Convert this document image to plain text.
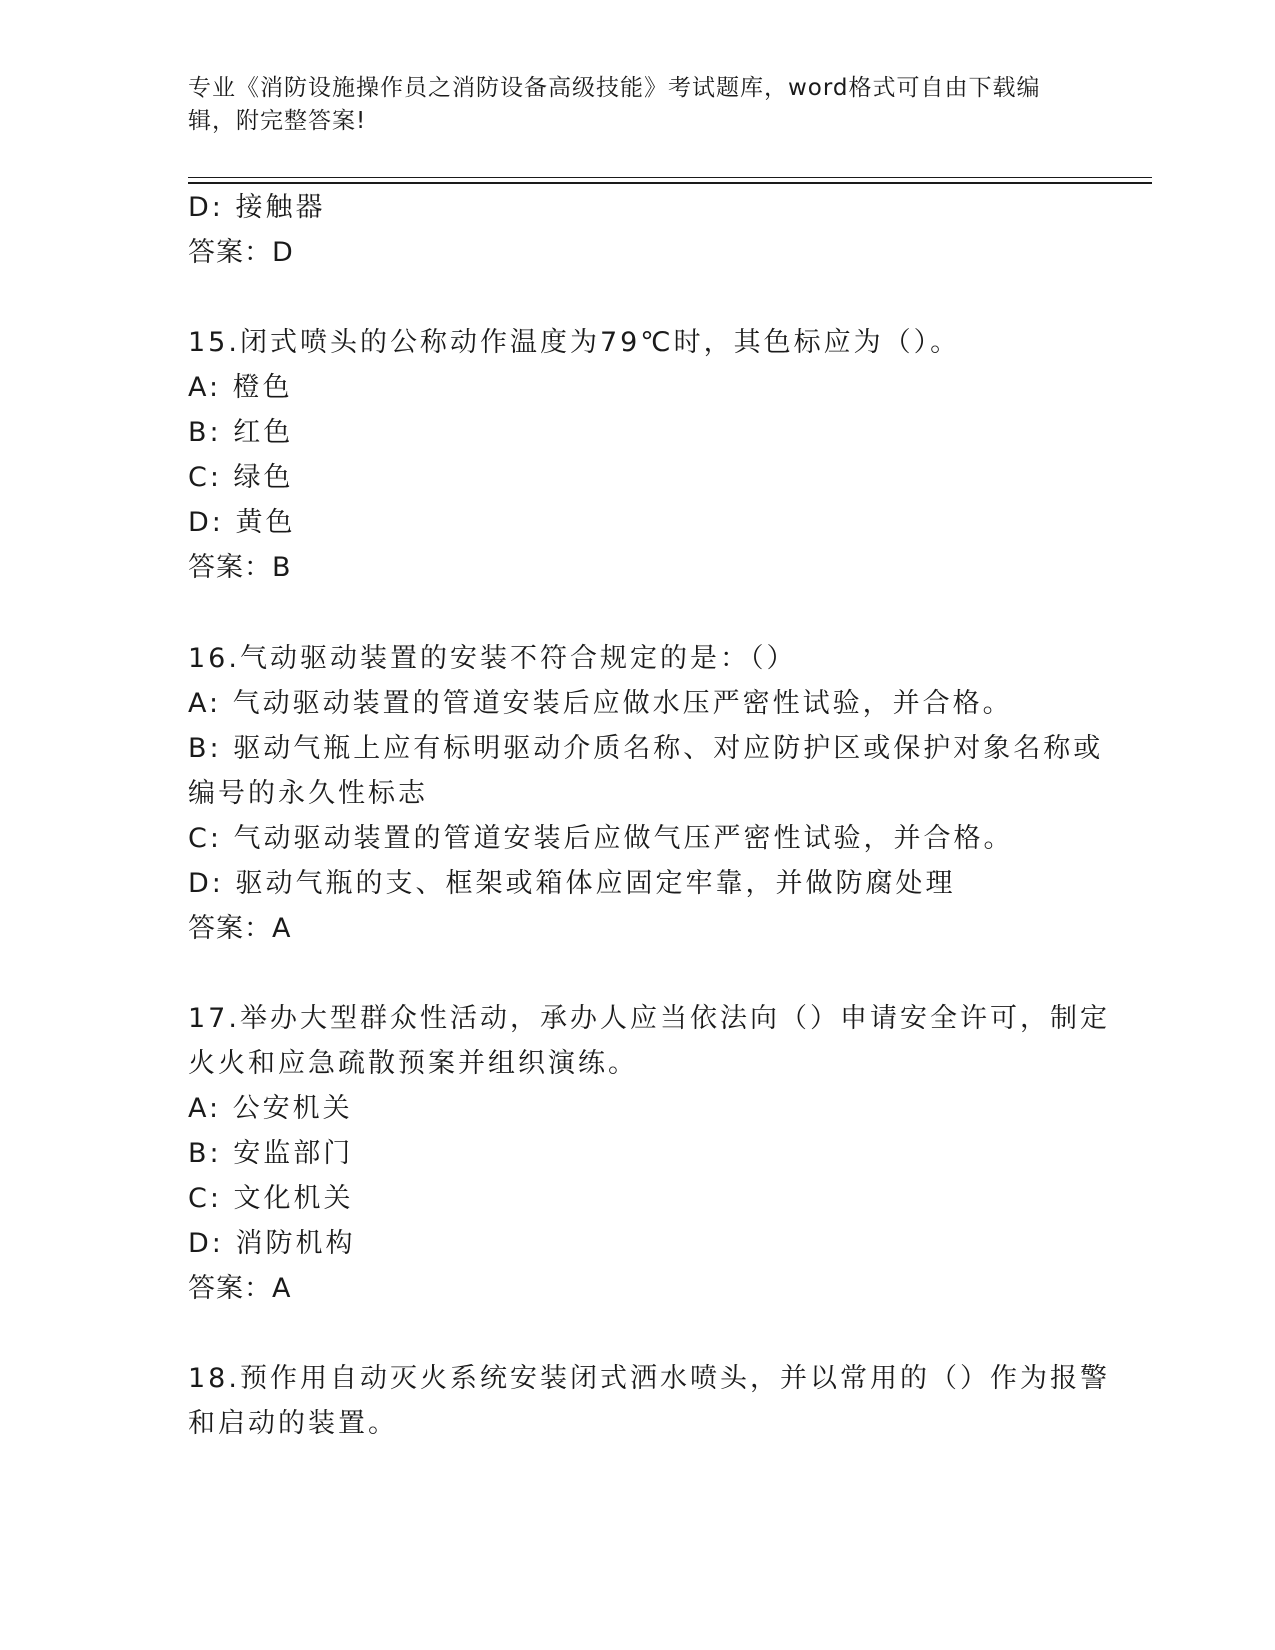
专业《消防设施操作员之消防设备高级技能》考试题库，word格式可自由下载编
辑，附完整答案!
D: 接触器
答案：D
15.闭式喷头的公称动作温度为79℃时，其色标应为（）。
A: 橙色
B: 红色
C: 绿色
D: 黄色
答案：B
16.气动驱动装置的安装不符合规定的是：（）
A: 气动驱动装置的管道安装后应做水压严密性试验，并合格。
B: 驱动气瓶上应有标明驱动介质名称、对应防护区或保护对象名称或
编号的永久性标志
C: 气动驱动装置的管道安装后应做气压严密性试验，并合格。
D: 驱动气瓶的支、框架或箱体应固定牢靠，并做防腐处理
答案：A
17.举办大型群众性活动，承办人应当依法向（）申请安全许可，制定
火火和应急疏散预案并组织演练。
A: 公安机关
B: 安监部门
C: 文化机关
D: 消防机构
答案：A
18.预作用自动灭火系统安装闭式洒水喷头，并以常用的（）作为报警
和启动的装置。
